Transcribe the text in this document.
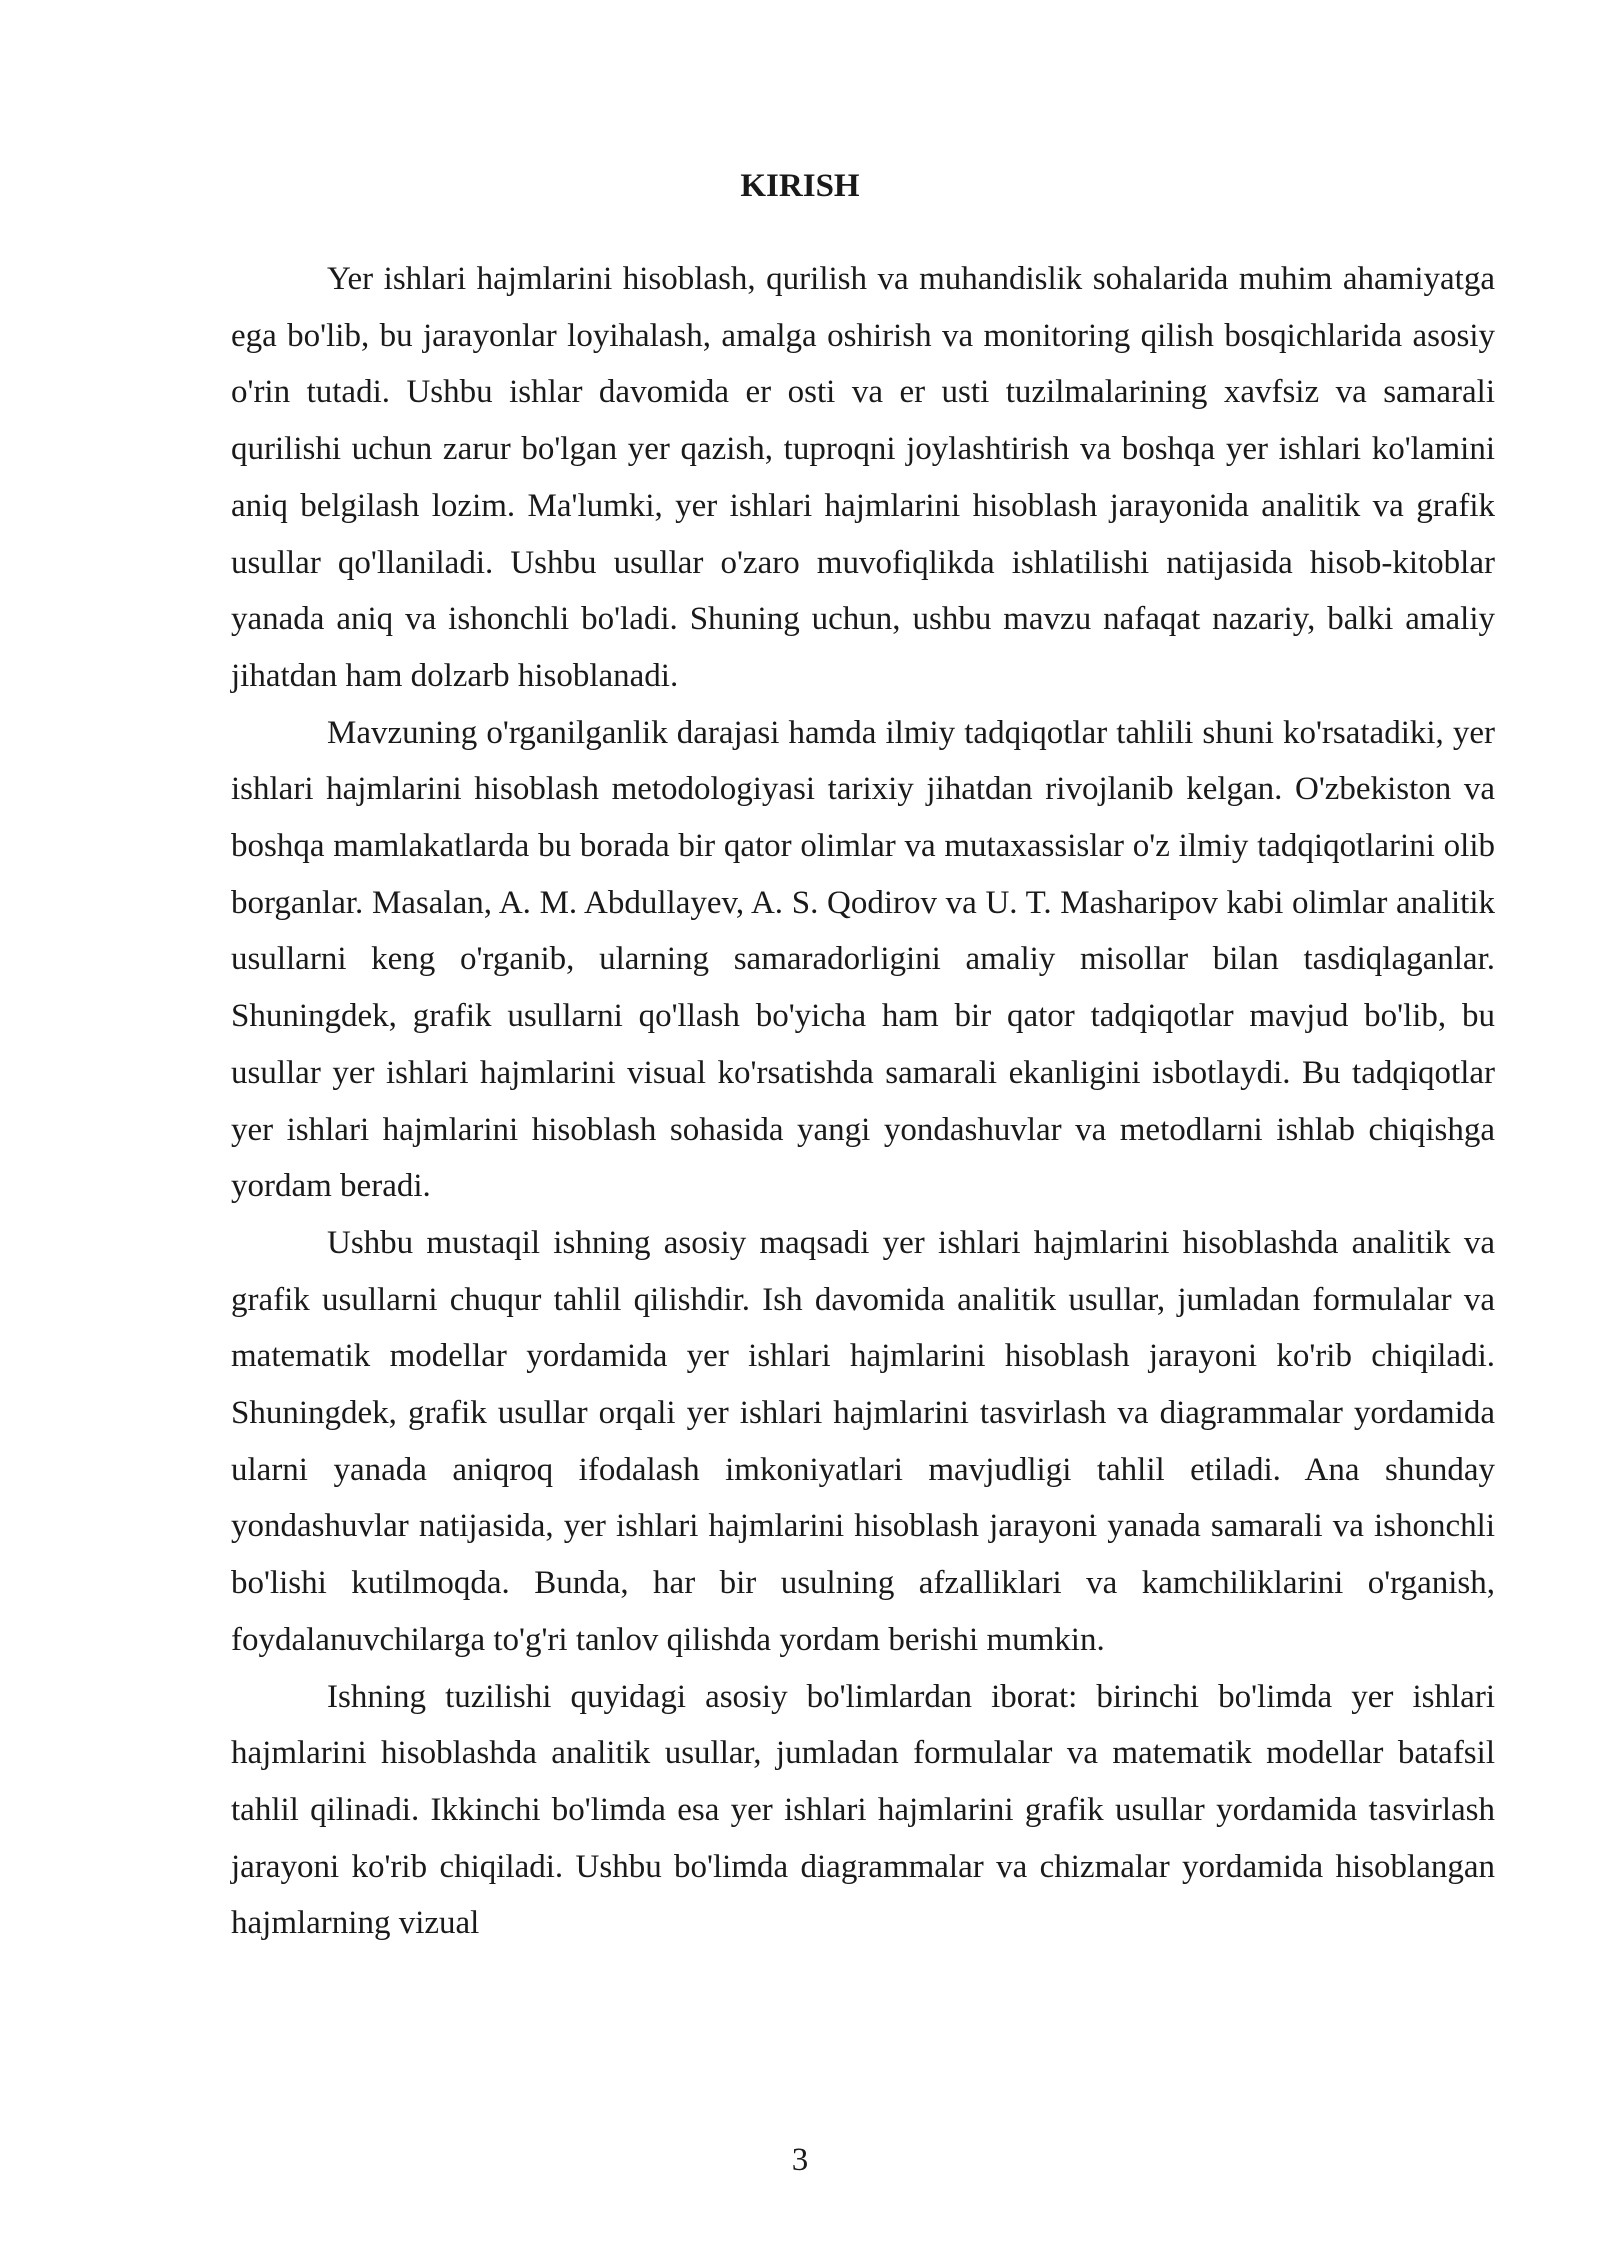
KIRISH

Yer ishlari hajmlarini hisoblash, qurilish va muhandislik sohalarida muhim ahamiyatga ega bo'lib, bu jarayonlar loyihalash, amalga oshirish va monitoring qilish bosqichlarida asosiy o'rin tutadi. Ushbu ishlar davomida er osti va er usti tuzilmalarining xavfsiz va samarali qurilishi uchun zarur bo'lgan yer qazish, tuproqni joylashtirish va boshqa yer ishlari ko'lamini aniq belgilash lozim. Ma'lumki, yer ishlari hajmlarini hisoblash jarayonida analitik va grafik usullar qo'llaniladi. Ushbu usullar o'zaro muvofiqlikda ishlatilishi natijasida hisob-kitoblar yanada aniq va ishonchli bo'ladi. Shuning uchun, ushbu mavzu nafaqat nazariy, balki amaliy jihatdan ham dolzarb hisoblanadi.

Mavzuning o'rganilganlik darajasi hamda ilmiy tadqiqotlar tahlili shuni ko'rsatadiki, yer ishlari hajmlarini hisoblash metodologiyasi tarixiy jihatdan rivojlanib kelgan. O'zbekiston va boshqa mamlakatlarda bu borada bir qator olimlar va mutaxassislar o'z ilmiy tadqiqotlarini olib borganlar. Masalan, A. M. Abdullayev, A. S. Qodirov va U. T. Masharipov kabi olimlar analitik usullarni keng o'rganib, ularning samaradorligini amaliy misollar bilan tasdiqlaganlar. Shuningdek, grafik usullarni qo'llash bo'yicha ham bir qator tadqiqotlar mavjud bo'lib, bu usullar yer ishlari hajmlarini visual ko'rsatishda samarali ekanligini isbotlaydi. Bu tadqiqotlar yer ishlari hajmlarini hisoblash sohasida yangi yondashuvlar va metodlarni ishlab chiqishga yordam beradi.

Ushbu mustaqil ishning asosiy maqsadi yer ishlari hajmlarini hisoblashda analitik va grafik usullarni chuqur tahlil qilishdir. Ish davomida analitik usullar, jumladan formulalar va matematik modellar yordamida yer ishlari hajmlarini hisoblash jarayoni ko'rib chiqiladi. Shuningdek, grafik usullar orqali yer ishlari hajmlarini tasvirlash va diagrammalar yordamida ularni yanada aniqroq ifodalash imkoniyatlari mavjudligi tahlil etiladi. Ana shunday yondashuvlar natijasida, yer ishlari hajmlarini hisoblash jarayoni yanada samarali va ishonchli bo'lishi kutilmoqda. Bunda, har bir usulning afzalliklari va kamchiliklarini o'rganish, foydalanuvchilarga to'g'ri tanlov qilishda yordam berishi mumkin.

Ishning tuzilishi quyidagi asosiy bo'limlardan iborat: birinchi bo'limda yer ishlari hajmlarini hisoblashda analitik usullar, jumladan formulalar va matematik modellar batafsil tahlil qilinadi. Ikkinchi bo'limda esa yer ishlari hajmlarini grafik usullar yordamida tasvirlash jarayoni ko'rib chiqiladi. Ushbu bo'limda diagrammalar va chizmalar yordamida hisoblangan hajmlarning vizual

3
